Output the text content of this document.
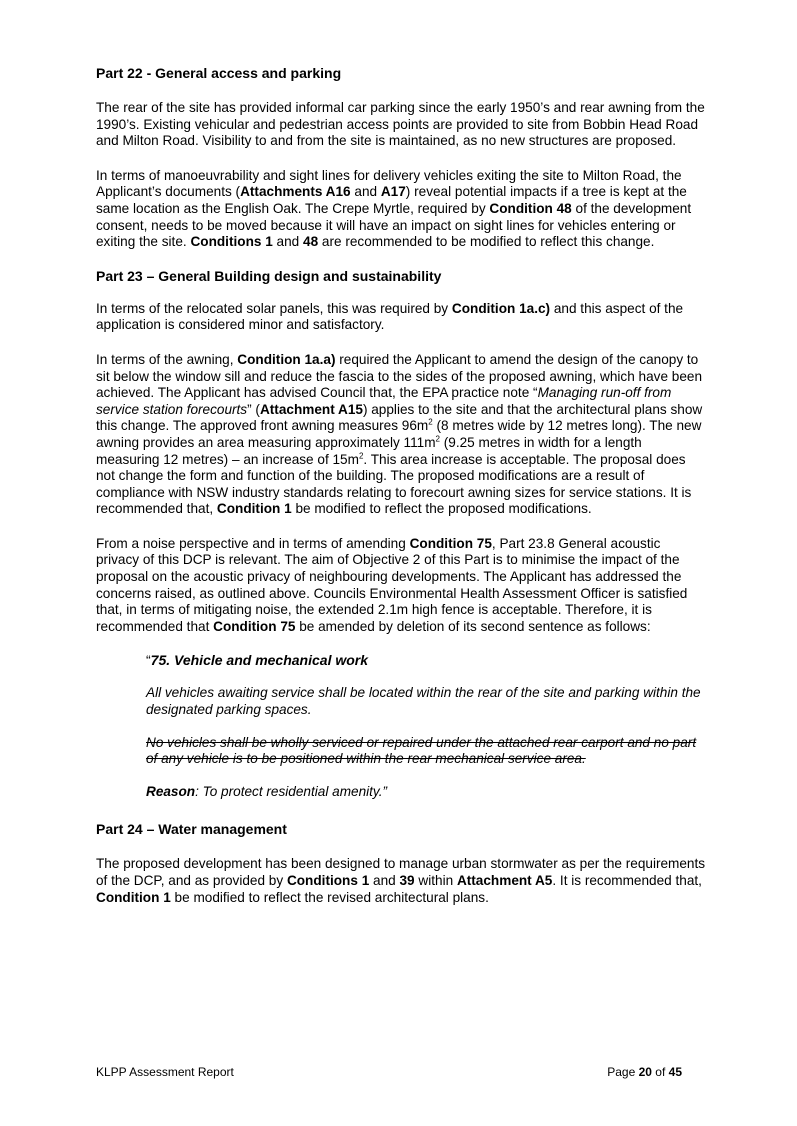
Part 22 - General access and parking

The rear of the site has provided informal car parking since the early 1950’s and rear awning from the 1990’s. Existing vehicular and pedestrian access points are provided to site from Bobbin Head Road and Milton Road. Visibility to and from the site is maintained, as no new structures are proposed.

In terms of manoeuvrability and sight lines for delivery vehicles exiting the site to Milton Road, the Applicant’s documents (Attachments A16 and A17) reveal potential impacts if a tree is kept at the same location as the English Oak. The Crepe Myrtle, required by Condition 48 of the development consent, needs to be moved because it will have an impact on sight lines for vehicles entering or exiting the site. Conditions 1 and 48 are recommended to be modified to reflect this change.

Part 23 – General Building design and sustainability

In terms of the relocated solar panels, this was required by Condition 1a.c) and this aspect of the application is considered minor and satisfactory.

In terms of the awning, Condition 1a.a) required the Applicant to amend the design of the canopy to sit below the window sill and reduce the fascia to the sides of the proposed awning, which have been achieved. The Applicant has advised Council that, the EPA practice note “Managing run-off from service station forecourts” (Attachment A15) applies to the site and that the architectural plans show this change. The approved front awning measures $96m^2$ (8 metres wide by 12 metres long). The new awning provides an area measuring approximately $111m^2$ (9.25 metres in width for a length measuring 12 metres) – an increase of $15m^2$. This area increase is acceptable. The proposal does not change the form and function of the building. The proposed modifications are a result of compliance with NSW industry standards relating to forecourt awning sizes for service stations. It is recommended that, Condition 1 be modified to reflect the proposed modifications.

From a noise perspective and in terms of amending Condition 75, Part 23.8 General acoustic privacy of this DCP is relevant. The aim of Objective 2 of this Part is to minimise the impact of the proposal on the acoustic privacy of neighbouring developments. The Applicant has addressed the concerns raised, as outlined above. Councils Environmental Health Assessment Officer is satisfied that, in terms of mitigating noise, the extended 2.1m high fence is acceptable. Therefore, it is recommended that Condition 75 be amended by deletion of its second sentence as follows:

“75. Vehicle and mechanical work

All vehicles awaiting service shall be located within the rear of the site and parking within the designated parking spaces.

No vehicles shall be wholly serviced or repaired under the attached rear carport and no part of any vehicle is to be positioned within the rear mechanical service area.

Reason: To protect residential amenity.”

Part 24 – Water management

The proposed development has been designed to manage urban stormwater as per the requirements of the DCP, and as provided by Conditions 1 and 39 within Attachment A5. It is recommended that, Condition 1 be modified to reflect the revised architectural plans.

KLPP Assessment Report	Page 20 of 45
